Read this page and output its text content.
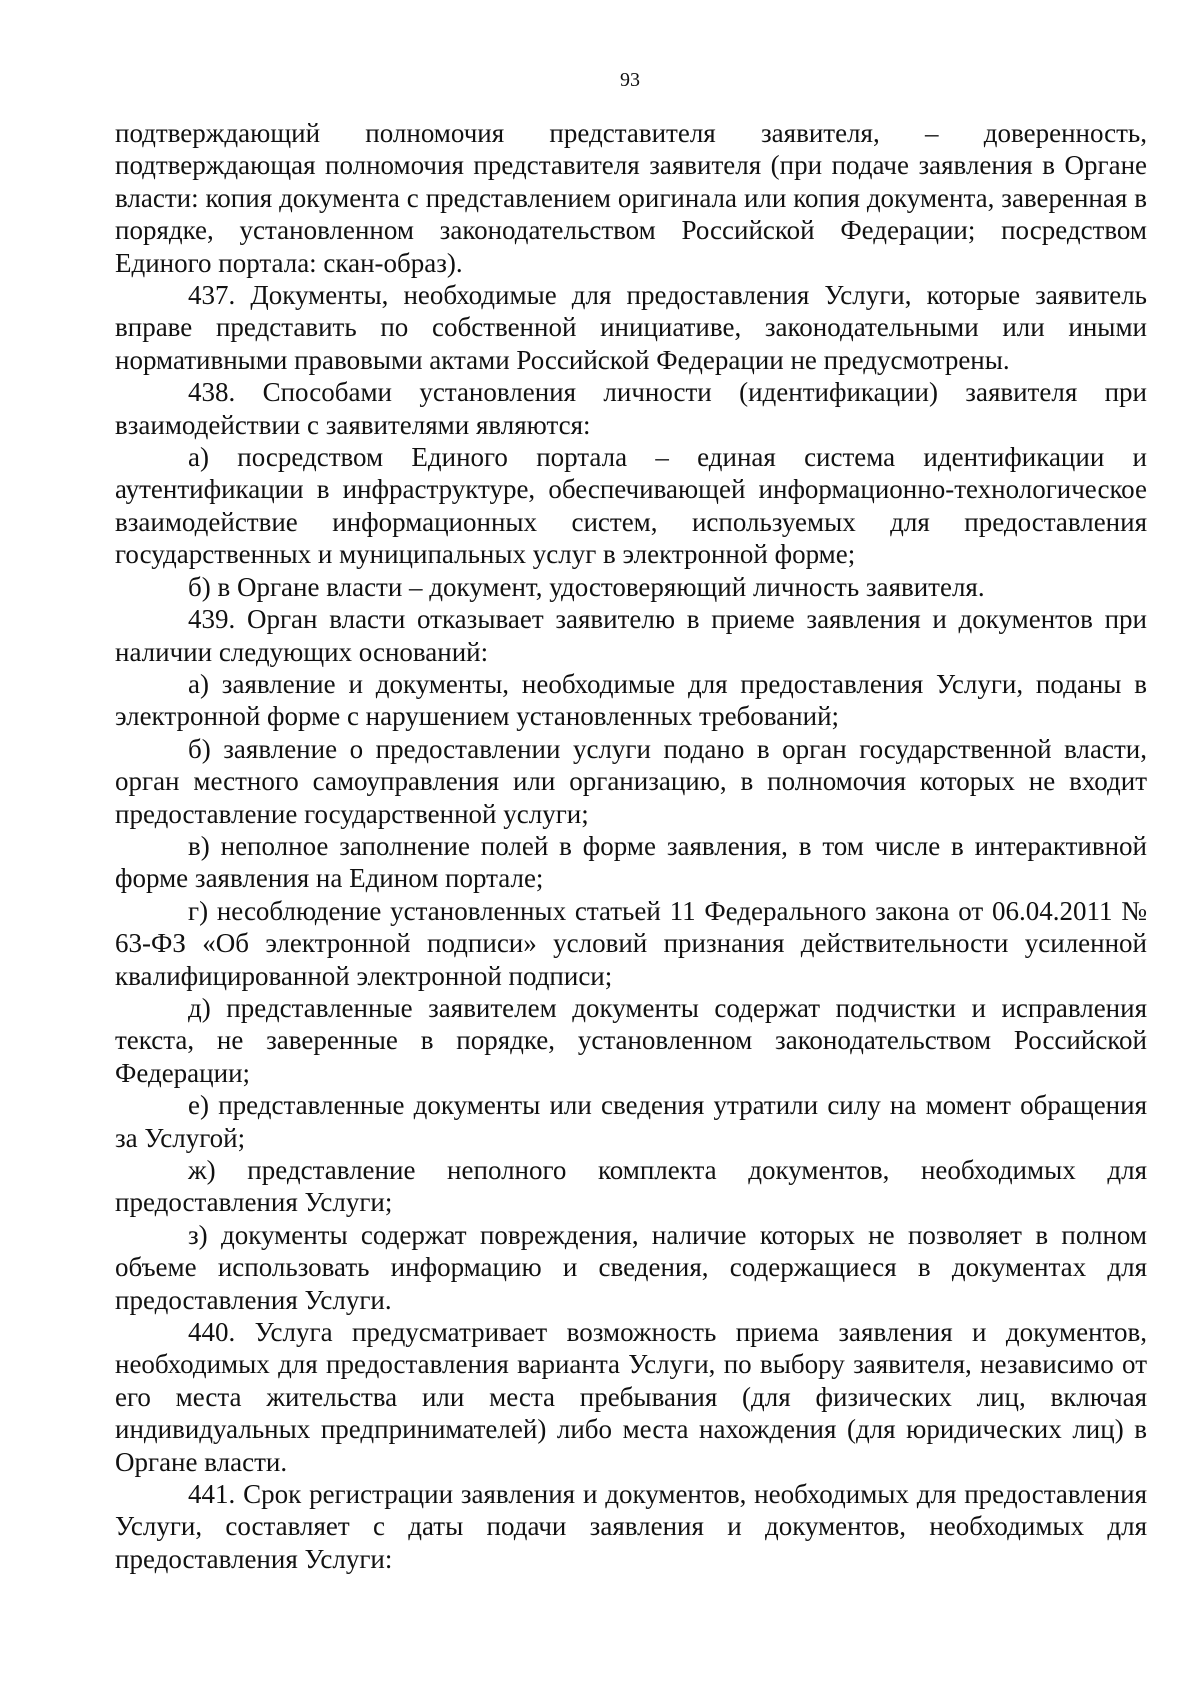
93

подтверждающий полномочия представителя заявителя, – доверенность, подтверждающая полномочия представителя заявителя (при подаче заявления в Органе власти: копия документа с представлением оригинала или копия документа, заверенная в порядке, установленном законодательством Российской Федерации; посредством Единого портала: скан-образ).

437. Документы, необходимые для предоставления Услуги, которые заявитель вправе представить по собственной инициативе, законодательными или иными нормативными правовыми актами Российской Федерации не предусмотрены.

438. Способами установления личности (идентификации) заявителя при взаимодействии с заявителями являются:

а) посредством Единого портала – единая система идентификации и аутентификации в инфраструктуре, обеспечивающей информационно-технологическое взаимодействие информационных систем, используемых для предоставления государственных и муниципальных услуг в электронной форме;

б) в Органе власти – документ, удостоверяющий личность заявителя.

439. Орган власти отказывает заявителю в приеме заявления и документов при наличии следующих оснований:

а) заявление и документы, необходимые для предоставления Услуги, поданы в электронной форме с нарушением установленных требований;

б) заявление о предоставлении услуги подано в орган государственной власти, орган местного самоуправления или организацию, в полномочия которых не входит предоставление государственной услуги;

в) неполное заполнение полей в форме заявления, в том числе в интерактивной форме заявления на Едином портале;

г) несоблюдение установленных статьей 11 Федерального закона от 06.04.2011 № 63-ФЗ «Об электронной подписи» условий признания действительности усиленной квалифицированной электронной подписи;

д) представленные заявителем документы содержат подчистки и исправления текста, не заверенные в порядке, установленном законодательством Российской Федерации;

е) представленные документы или сведения утратили силу на момент обращения за Услугой;

ж) представление неполного комплекта документов, необходимых для предоставления Услуги;

з) документы содержат повреждения, наличие которых не позволяет в полном объеме использовать информацию и сведения, содержащиеся в документах для предоставления Услуги.

440. Услуга предусматривает возможность приема заявления и документов, необходимых для предоставления варианта Услуги, по выбору заявителя, независимо от его места жительства или места пребывания (для физических лиц, включая индивидуальных предпринимателей) либо места нахождения (для юридических лиц) в Органе власти.

441. Срок регистрации заявления и документов, необходимых для предоставления Услуги, составляет с даты подачи заявления и документов, необходимых для предоставления Услуги:
